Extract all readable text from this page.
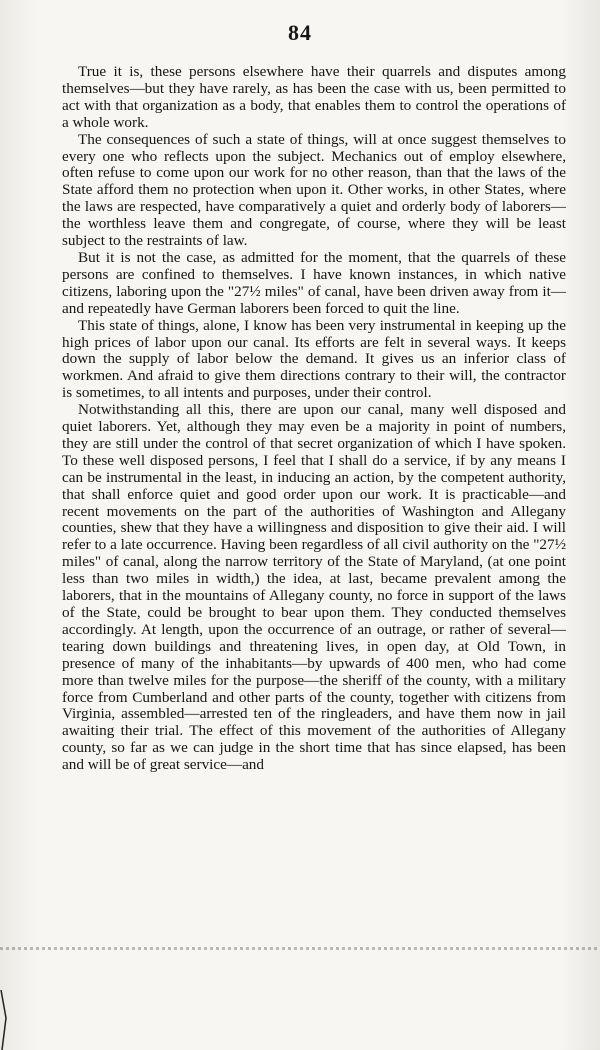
84

True it is, these persons elsewhere have their quarrels and disputes among themselves—but they have rarely, as has been the case with us, been permitted to act with that organization as a body, that enables them to control the operations of a whole work.

The consequences of such a state of things, will at once suggest themselves to every one who reflects upon the subject. Mechanics out of employ elsewhere, often refuse to come upon our work for no other reason, than that the laws of the State afford them no protection when upon it. Other works, in other States, where the laws are respected, have comparatively a quiet and orderly body of laborers—the worthless leave them and congregate, of course, where they will be least subject to the restraints of law.

But it is not the case, as admitted for the moment, that the quarrels of these persons are confined to themselves. I have known instances, in which native citizens, laboring upon the "27½ miles" of canal, have been driven away from it—and repeatedly have German laborers been forced to quit the line.

This state of things, alone, I know has been very instrumental in keeping up the high prices of labor upon our canal. Its efforts are felt in several ways. It keeps down the supply of labor below the demand. It gives us an inferior class of workmen. And afraid to give them directions contrary to their will, the contractor is sometimes, to all intents and purposes, under their control.

Notwithstanding all this, there are upon our canal, many well disposed and quiet laborers. Yet, although they may even be a majority in point of numbers, they are still under the control of that secret organization of which I have spoken. To these well disposed persons, I feel that I shall do a service, if by any means I can be instrumental in the least, in inducing an action, by the competent authority, that shall enforce quiet and good order upon our work. It is practicable—and recent movements on the part of the authorities of Washington and Allegany counties, shew that they have a willingness and disposition to give their aid. I will refer to a late occurrence. Having been regardless of all civil authority on the "27½ miles" of canal, along the narrow territory of the State of Maryland, (at one point less than two miles in width,) the idea, at last, became prevalent among the laborers, that in the mountains of Allegany county, no force in support of the laws of the State, could be brought to bear upon them. They conducted themselves accordingly. At length, upon the occurrence of an outrage, or rather of several—tearing down buildings and threatening lives, in open day, at Old Town, in presence of many of the inhabitants—by upwards of 400 men, who had come more than twelve miles for the purpose—the sheriff of the county, with a military force from Cumberland and other parts of the county, together with citizens from Virginia, assembled—arrested ten of the ringleaders, and have them now in jail awaiting their trial. The effect of this movement of the authorities of Allegany county, so far as we can judge in the short time that has since elapsed, has been and will be of great service—and
